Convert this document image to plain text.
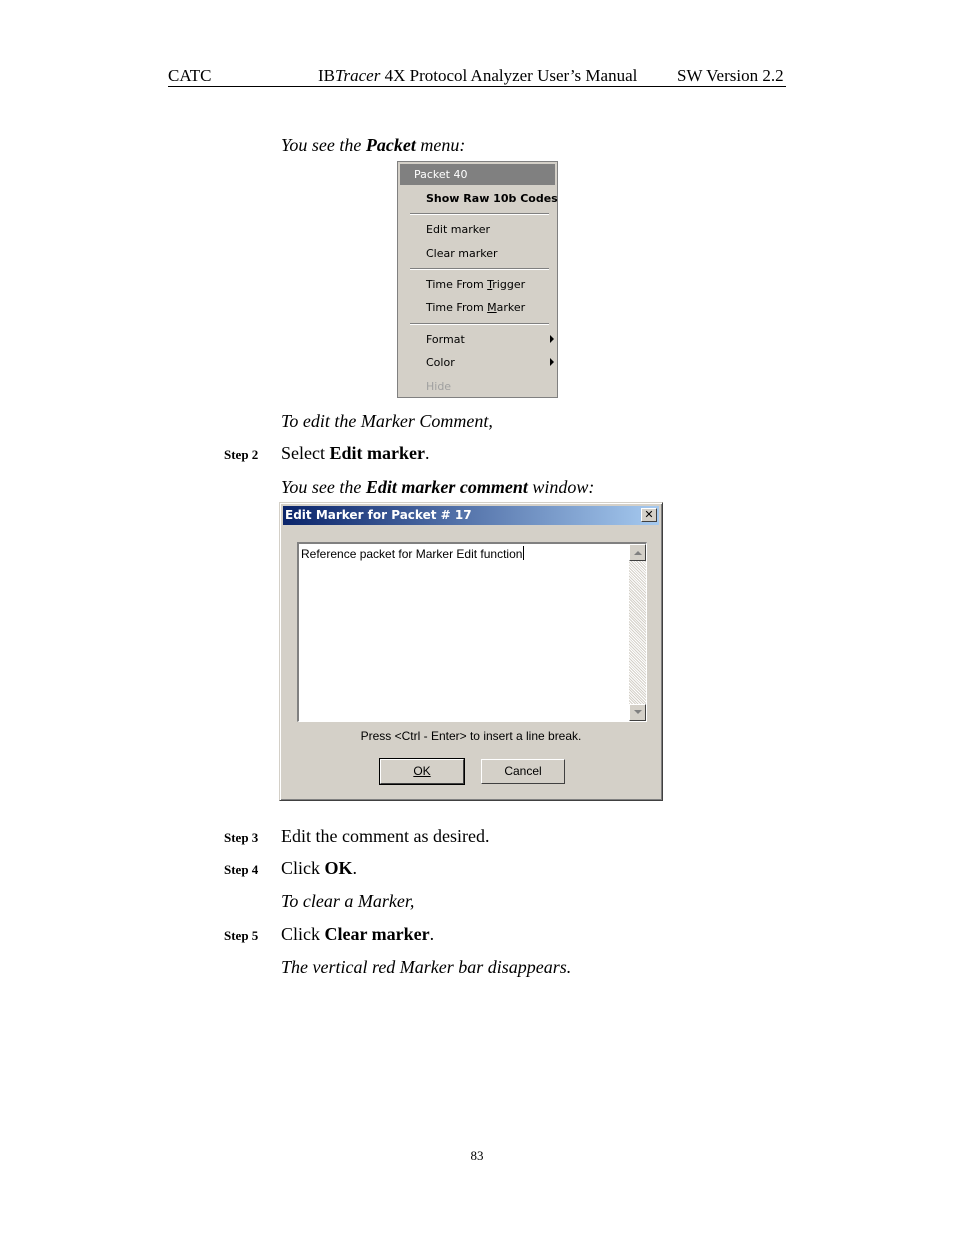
CATC	IBTracer 4X Protocol Analyzer User’s Manual SW Version 2.2
You see the Packet menu:
Packet 40
Show Raw 10b Codes
Edit marker
Clear marker
Time From Trigger
Time From Marker
Format
Color
Hide
To edit the Marker Comment,
Step 2 Select Edit marker.
You see the Edit marker comment window:
Edit Marker for Packet # 17	✕
Reference packet for Marker Edit function
Press <Ctrl - Enter> to insert a line break.
OK	Cancel
Step 3 Edit the comment as desired.
Step 4 Click OK.
To clear a Marker,
Step 5 Click Clear marker.
The vertical red Marker bar disappears.
83
